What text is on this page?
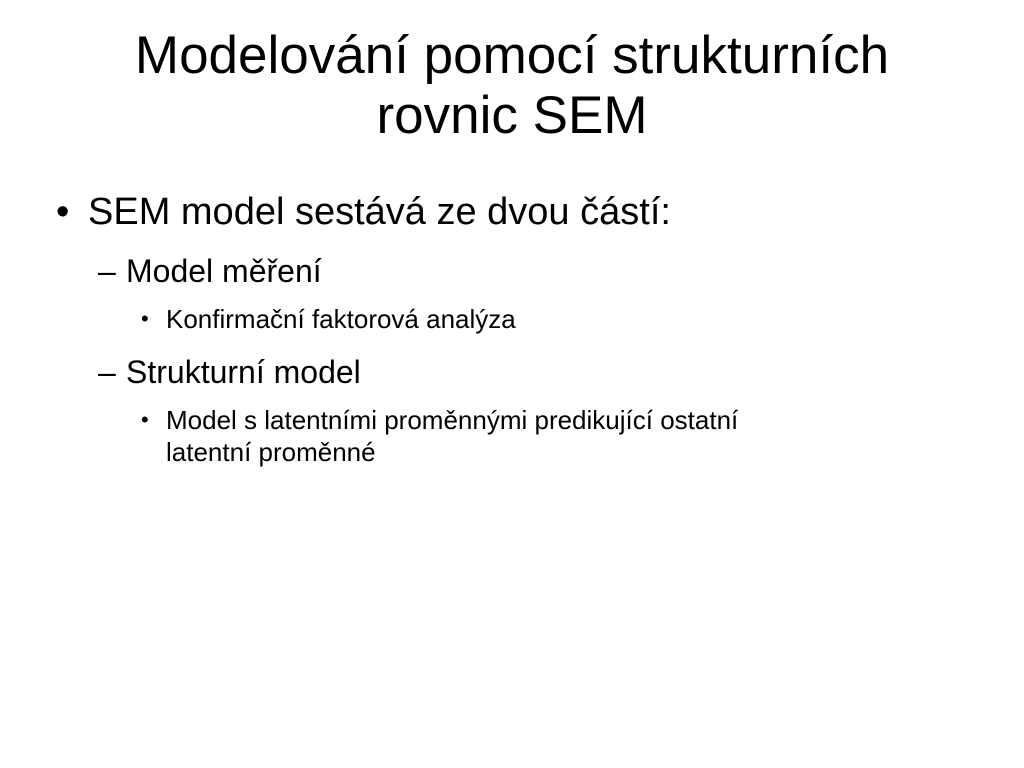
Modelování pomocí strukturních
rovnic SEM
• SEM model sestává ze dvou částí:
– Model měření
• Konfirmační faktorová analýza
– Strukturní model
• Model s latentními proměnnými predikující ostatní
latentní proměnné
